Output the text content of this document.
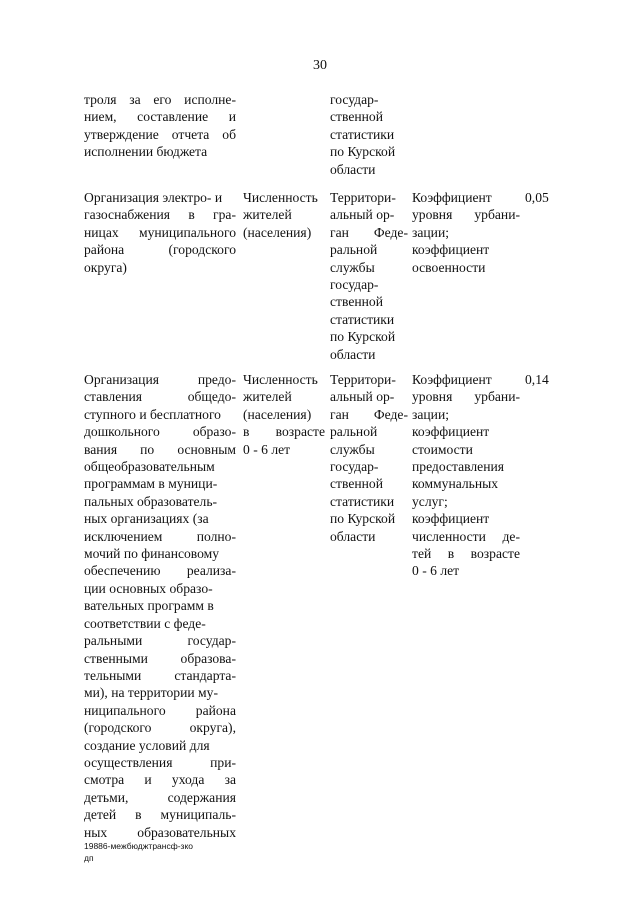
30
троля за его исполне-
нием, составление и
утверждение отчета об
исполнении бюджета
государ-
ственной
статистики
по Курской
области
Организация электро- и
газоснабжения в гра-
ницах муниципального
района (городского
округа)
Численность
жителей
(населения)
Территори-
альный ор-
ган Феде-
ральной
службы
государ-
ственной
статистики
по Курской
области
Коэффициент
уровня урбани-
зации;
коэффициент
освоенности
0,05
Организация предо-
ставления общедо-
ступного и бесплатного
дошкольного образо-
вания по основным
общеобразовательным
программам в муници-
пальных образователь-
ных организациях (за
исключением полно-
мочий по финансовому
обеспечению реализа-
ции основных образо-
вательных программ в
соответствии с феде-
ральными государ-
ственными образова-
тельными стандарта-
ми), на территории му-
ниципального района
(городского округа),
создание условий для
осуществления при-
смотра и ухода за
детьми, содержания
детей в муниципаль-
ных образовательных
Численность
жителей
(населения)
в возрасте
0 - 6 лет
Территори-
альный ор-
ган Феде-
ральной
службы
государ-
ственной
статистики
по Курской
области
Коэффициент
уровня урбани-
зации;
коэффициент
стоимости
предоставления
коммунальных
услуг;
коэффициент
численности де-
тей в возрасте
0 - 6 лет
0,14
19886-межбюджтрансф-зко
дп
